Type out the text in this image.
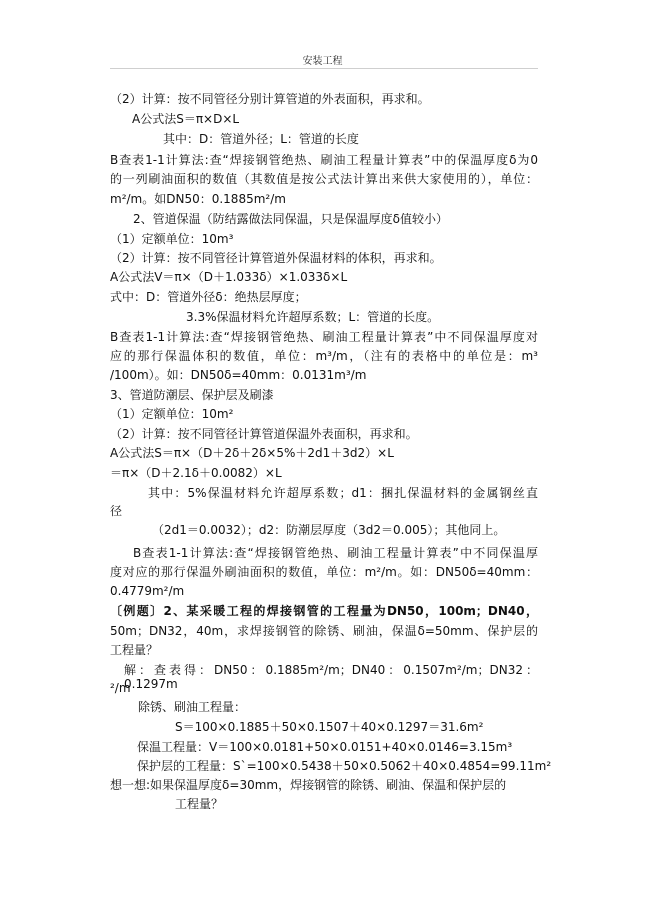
安装工程
（2）计算：按不同管径分别计算管道的外表面积，再求和。
A公式法S＝π×D×L
其中：D：管道外径；L：管道的长度
B查表1-1计算法:查“焊接钢管绝热、刷油工程量计算表”中的保温厚度δ为0
的一列刷油面积的数值（其数值是按公式法计算出来供大家使用的），单位：
m²/m。如DN50：0.1885m²/m
2、管道保温（防结露做法同保温，只是保温厚度δ值较小）
（1）定额单位：10m³
（2）计算：按不同管径计算管道外保温材料的体积，再求和。
A公式法V＝π×（D＋1.033δ）×1.033δ×L
式中：D：管道外径δ：绝热层厚度；
3.3%保温材料允许超厚系数；L：管道的长度。
B查表1-1计算法:查“焊接钢管绝热、刷油工程量计算表”中不同保温厚度对
应的那行保温体积的数值，单位：m³/m，（注有的表格中的单位是：m³
/100m）。如：DN50δ=40mm：0.0131m³/m
3、管道防潮层、保护层及刷漆
（1）定额单位：10m²
（2）计算：按不同管径计算管道保温外表面积，再求和。
A公式法S＝π×（D＋2δ＋2δ×5%＋2d1＋3d2）×L
＝π×（D＋2.1δ＋0.0082）×L
其中：5%保温材料允许超厚系数；d1：捆扎保温材料的金属钢丝直
径
（2d1＝0.0032）；d2：防潮层厚度（3d2＝0.005）；其他同上。
B查表1-1计算法:查“焊接钢管绝热、刷油工程量计算表”中不同保温厚
度对应的那行保温外刷油面积的数值，单位：m²/m。如：DN50δ=40mm：
0.4779m²/m
〔例题〕2、某采暖工程的焊接钢管的工程量为DN50，100m；DN40，
50m；DN32，40m，求焊接钢管的除锈、刷油，保温δ=50mm、保护层的
工程量？
解：查表得：DN50：0.1885m²/m；DN40：0.1507m²/m；DN32：0.1297m
²/m
除锈、刷油工程量：
S＝100×0.1885＋50×0.1507＋40×0.1297＝31.6m²
保温工程量：V＝100×0.0181+50×0.0151+40×0.0146=3.15m³
保护层的工程量：S`=100×0.5438＋50×0.5062＋40×0.4854=99.11m²
想一想:如果保温厚度δ=30mm，焊接钢管的除锈、刷油、保温和保护层的
工程量？
